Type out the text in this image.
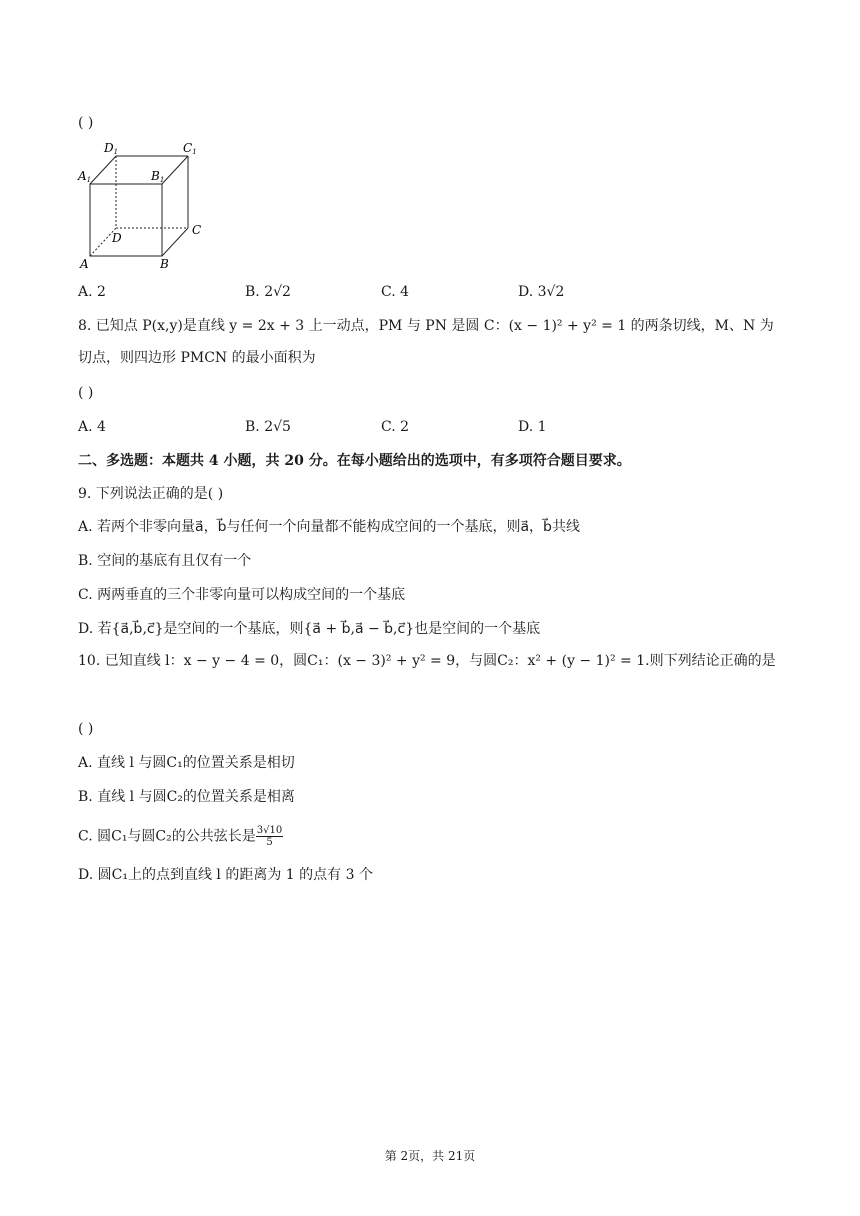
( )
D1	C1
A1	B1
D
C
A	B
A. 2	B. 2√2	C. 4	D. 3√2
8. 已知点 P(x,y)是直线 y = 2x + 3 上一动点，PM 与 PN 是圆 C：(x − 1)² + y² = 1 的两条切线，M、N 为
切点，则四边形 PMCN 的最小面积为
( )
A. 4	B. 2√5	C. 2	D. 1
二、多选题：本题共 4 小题，共 20 分。在每小题给出的选项中，有多项符合题目要求。
9. 下列说法正确的是( )
A. 若两个非零向量a⃗，b⃗与任何一个向量都不能构成空间的一个基底，则a⃗，b⃗共线
B. 空间的基底有且仅有一个
C. 两两垂直的三个非零向量可以构成空间的一个基底
D. 若{a⃗,b⃗,c⃗}是空间的一个基底，则{a⃗ + b⃗,a⃗ − b⃗,c⃗}也是空间的一个基底
10. 已知直线 l：x − y − 4 = 0，圆C₁：(x − 3)² + y² = 9，与圆C₂：x² + (y − 1)² = 1.则下列结论正确的是
( )
A. 直线 l 与圆C₁的位置关系是相切
B. 直线 l 与圆C₂的位置关系是相离
C. 圆C₁与圆C₂的公共弦长是 $\frac{3√10}{5}$
D. 圆C₁上的点到直线 l 的距离为 1 的点有 3 个
第 2页，共 21页
